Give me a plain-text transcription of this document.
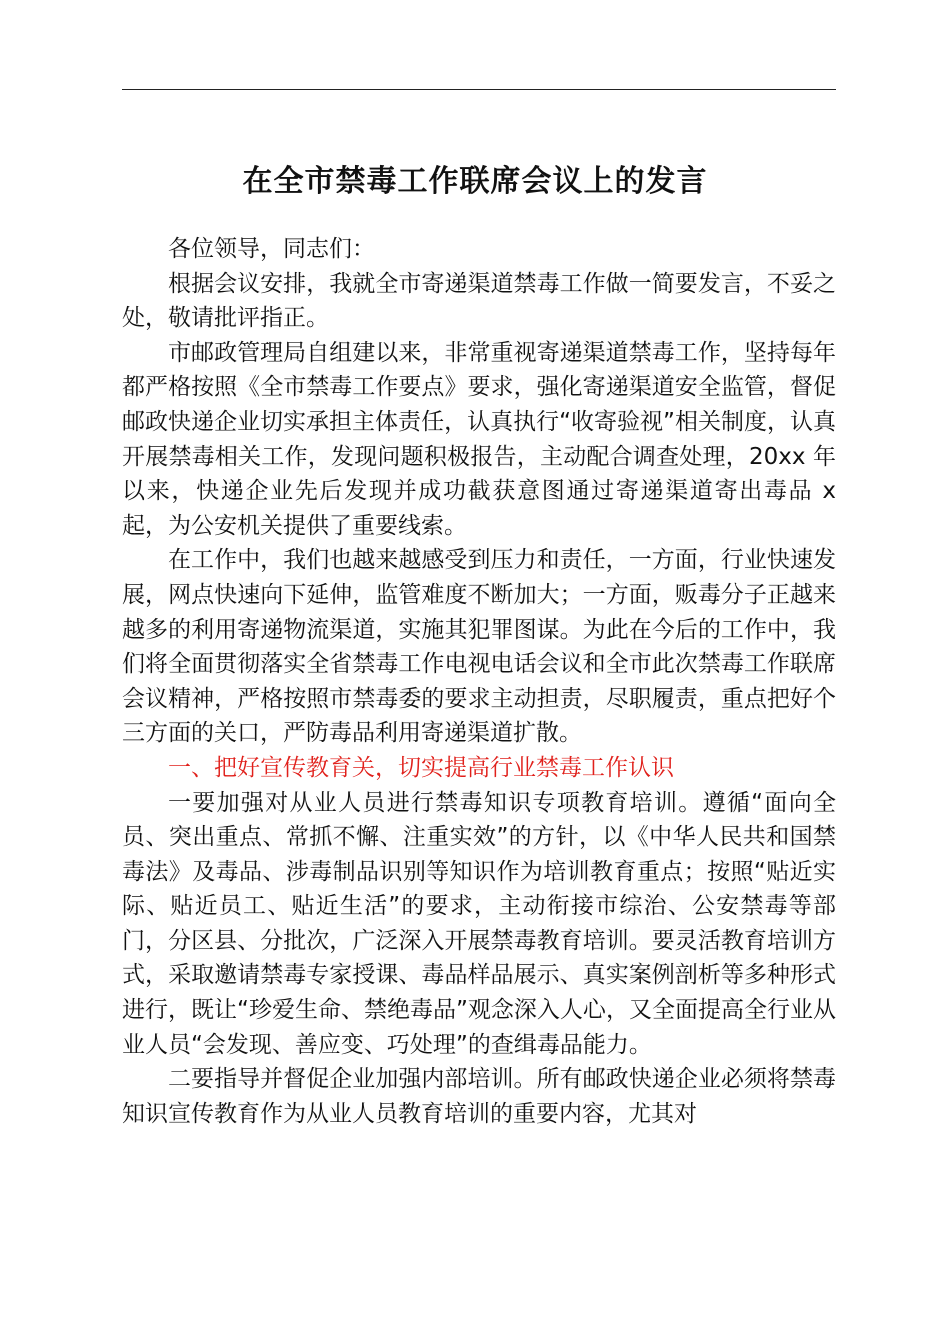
在全市禁毒工作联席会议上的发言

各位领导，同志们：

根据会议安排，我就全市寄递渠道禁毒工作做一简要发言，不妥之处，敬请批评指正。

市邮政管理局自组建以来，非常重视寄递渠道禁毒工作，坚持每年都严格按照《全市禁毒工作要点》要求，强化寄递渠道安全监管，督促邮政快递企业切实承担主体责任，认真执行“收寄验视”相关制度，认真开展禁毒相关工作，发现问题积极报告，主动配合调查处理，20xx 年以来，快递企业先后发现并成功截获意图通过寄递渠道寄出毒品 x 起，为公安机关提供了重要线索。

在工作中，我们也越来越感受到压力和责任，一方面，行业快速发展，网点快速向下延伸，监管难度不断加大；一方面，贩毒分子正越来越多的利用寄递物流渠道，实施其犯罪图谋。为此在今后的工作中，我们将全面贯彻落实全省禁毒工作电视电话会议和全市此次禁毒工作联席会议精神，严格按照市禁毒委的要求主动担责，尽职履责，重点把好个三方面的关口，严防毒品利用寄递渠道扩散。

一、把好宣传教育关，切实提高行业禁毒工作认识

一要加强对从业人员进行禁毒知识专项教育培训。遵循“面向全员、突出重点、常抓不懈、注重实效”的方针，以《中华人民共和国禁毒法》及毒品、涉毒制品识别等知识作为培训教育重点；按照“贴近实际、贴近员工、贴近生活”的要求，主动衔接市综治、公安禁毒等部门，分区县、分批次，广泛深入开展禁毒教育培训。要灵活教育培训方式，采取邀请禁毒专家授课、毒品样品展示、真实案例剖析等多种形式进行，既让“珍爱生命、禁绝毒品”观念深入人心，又全面提高全行业从业人员“会发现、善应变、巧处理”的查缉毒品能力。

二要指导并督促企业加强内部培训。所有邮政快递企业必须将禁毒知识宣传教育作为从业人员教育培训的重要内容，尤其对
